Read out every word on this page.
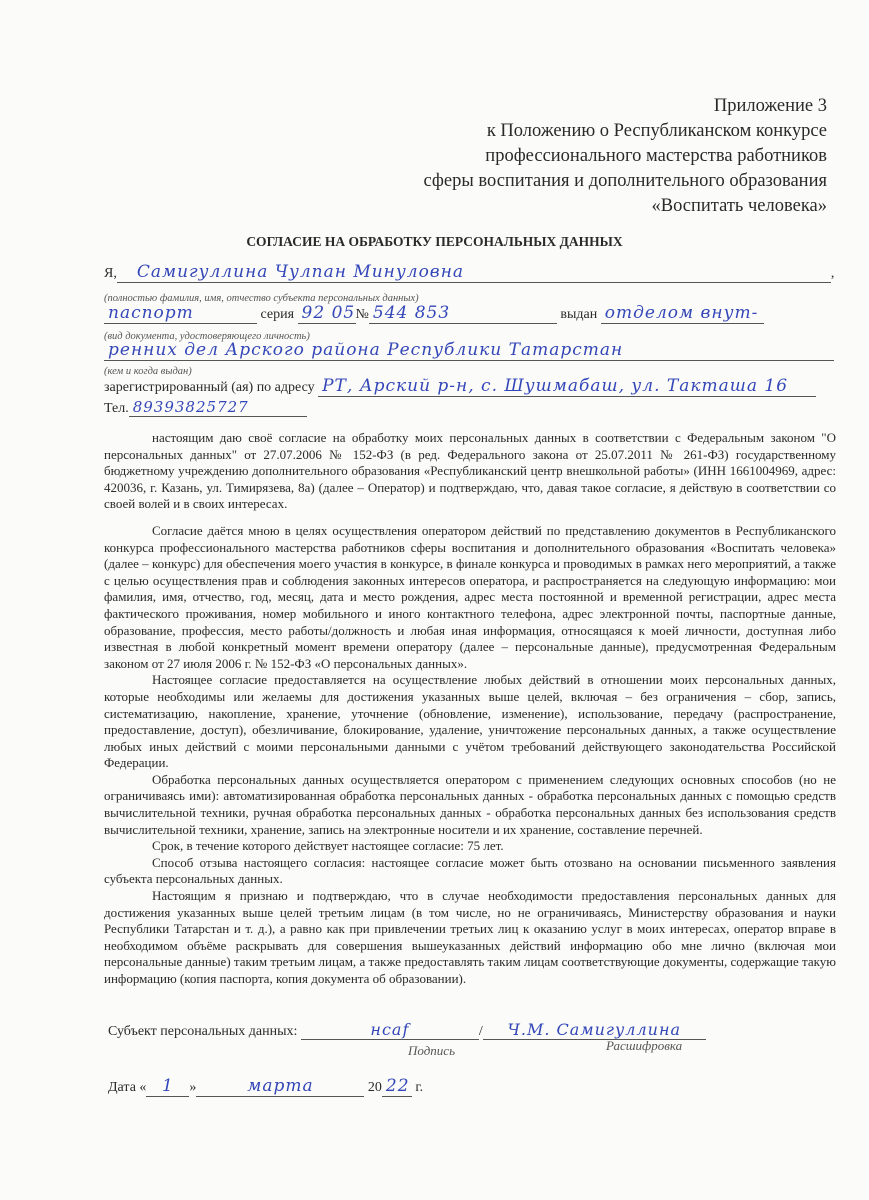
Приложение 3
к Положению о Республиканском конкурсе
профессионального мастерства работников
сферы воспитания и дополнительного образования
«Воспитать человека»
СОГЛАСИЕ НА ОБРАБОТКУ ПЕРСОНАЛЬНЫХ ДАННЫХ
Я, Самигуллина Чулпан Минуловна	,
(полностью фамилия, имя, отчество субъекта персональных данных)
паспорт	серия 92 05№ 544 853	выдан отделом внут-
(вид документа, удостоверяющего личность)
ренних дел Арского района Республики Татарстан
(кем и когда выдан)
зарегистрированный (ая) по адресу РТ, Арский р-н, с. Шушмабаш, ул. Такташа 16
Тел. 89393825727

настоящим даю своё согласие на обработку моих персональных данных в соответствии с Федеральным законом "О персональных данных" от 27.07.2006 № 152-ФЗ (в ред. Федерального закона от 25.07.2011 № 261-ФЗ) государственному бюджетному учреждению дополнительного образования «Республиканский центр внешкольной работы» (ИНН 1661004969, адрес: 420036, г. Казань, ул. Тимирязева, 8а) (далее – Оператор) и подтверждаю, что, давая такое согласие, я действую в соответствии со своей волей и в своих интересах.

Согласие даётся мною в целях осуществления оператором действий по представлению документов в Республиканского конкурса профессионального мастерства работников сферы воспитания и дополнительного образования «Воспитать человека» (далее – конкурс) для обеспечения моего участия в конкурсе, в финале конкурса и проводимых в рамках него мероприятий, а также с целью осуществления прав и соблюдения законных интересов оператора, и распространяется на следующую информацию: мои фамилия, имя, отчество, год, месяц, дата и место рождения, адрес места постоянной и временной регистрации, адрес места фактического проживания, номер мобильного и иного контактного телефона, адрес электронной почты, паспортные данные, образование, профессия, место работы/должность и любая иная информация, относящаяся к моей личности, доступная либо известная в любой конкретный момент времени оператору (далее – персональные данные), предусмотренная Федеральным законом от 27 июля 2006 г. № 152-ФЗ «О персональных данных».

Настоящее согласие предоставляется на осуществление любых действий в отношении моих персональных данных, которые необходимы или желаемы для достижения указанных выше целей, включая – без ограничения – сбор, запись, систематизацию, накопление, хранение, уточнение (обновление, изменение), использование, передачу (распространение, предоставление, доступ), обезличивание, блокирование, удаление, уничтожение персональных данных, а также осуществление любых иных действий с моими персональными данными с учётом требований действующего законодательства Российской Федерации.

Обработка персональных данных осуществляется оператором с применением следующих основных способов (но не ограничиваясь ими): автоматизированная обработка персональных данных - обработка персональных данных с помощью средств вычислительной техники, ручная обработка персональных данных - обработка персональных данных без использования средств вычислительной техники, хранение, запись на электронные носители и их хранение, составление перечней.

Срок, в течение которого действует настоящее согласие: 75 лет.

Способ отзыва настоящего согласия: настоящее согласие может быть отозвано на основании письменного заявления субъекта персональных данных.

Настоящим я признаю и подтверждаю, что в случае необходимости предоставления персональных данных для достижения указанных выше целей третьим лицам (в том числе, но не ограничиваясь, Министерству образования и науки Республики Татарстан и т. д.), а равно как при привлечении третьих лиц к оказанию услуг в моих интересах, оператор вправе в необходимом объёме раскрывать для совершения вышеуказанных действий информацию обо мне лично (включая мои персональные данные) таким третьим лицам, а также предоставлять таким лицам соответствующие документы, содержащие такую информацию (копия паспорта, копия документа об образовании).

Субъект персональных данных:	нсаf	/ Ч.М. Самигуллина
Подпись	Расшифровка
Дата « 1 »	марта	20 22 г.
